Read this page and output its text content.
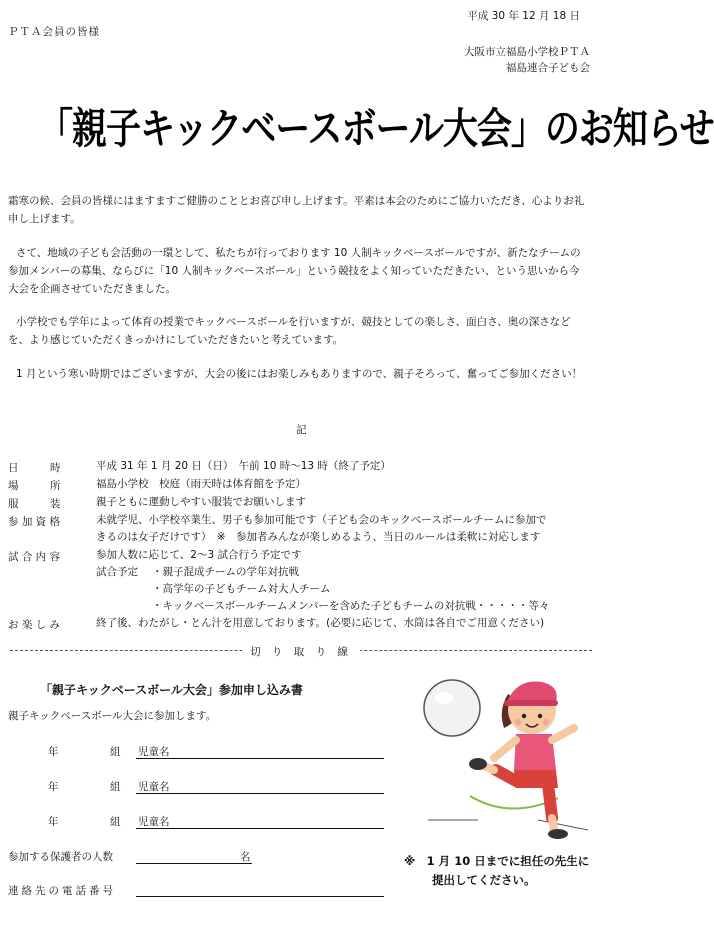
平成 30 年 12 月 18 日
ＰＴＡ会員の皆様
大阪市立福島小学校ＰＴＡ
福島連合子ども会
「親子キックベースボール大会」のお知らせ
霜寒の候、会員の皆様にはますますご健勝のこととお喜び申し上げます。平素は本会のためにご協力いただき、心よりお礼申し上げます。
さて、地域の子ども会活動の一環として、私たちが行っております 10 人制キックベースボールですが、新たなチームの参加メンバーの募集、ならびに「10 人制キックベースボール」という競技をよく知っていただきたい、という思いから今大会を企画させていただきました。
小学校でも学年によって体育の授業でキックベースボールを行いますが、競技としての楽しさ、面白さ、奥の深さなどを、より感じていただくきっかけにしていただきたいと考えています。
1 月という寒い時期ではございますが、大会の後にはお楽しみもありますので、親子そろって、奮ってご参加ください！
記
日　　　時	平成 31 年 1 月 20 日（日）　午前 10 時〜13 時（終了予定）
場　　　所	福島小学校　校庭（雨天時は体育館を予定）
服　　　装	親子ともに運動しやすい服装でお願いします
参 加 資 格	未就学児、小学校卒業生、男子も参加可能です（子ども会のキックベースボールチームに参加で
きるのは女子だけです）　※　参加者みんなが楽しめるよう、当日のルールは柔軟に対応します
試 合 内 容	参加人数に応じて、2〜3 試合行う予定です
試合予定 ・親子混成チームの学年対抗戦
・高学年の子どもチーム対大人チーム
・キックベースボールチームメンバーを含めた子どもチームの対抗戦・・・・・等々
お 楽 し み	終了後、わたがし・とん汁を用意しております。(必要に応じて、水筒は各自でご用意ください)
切 り 取 り 線
「親子キックベースボール大会」参加申し込み書
親子キックベースボール大会に参加します。
年	組 児童名
年	組 児童名
年	組 児童名
参加する保護者の人数	名
連絡先の電話番号
※　1 月 10 日までに担任の先生に
提出してください。
